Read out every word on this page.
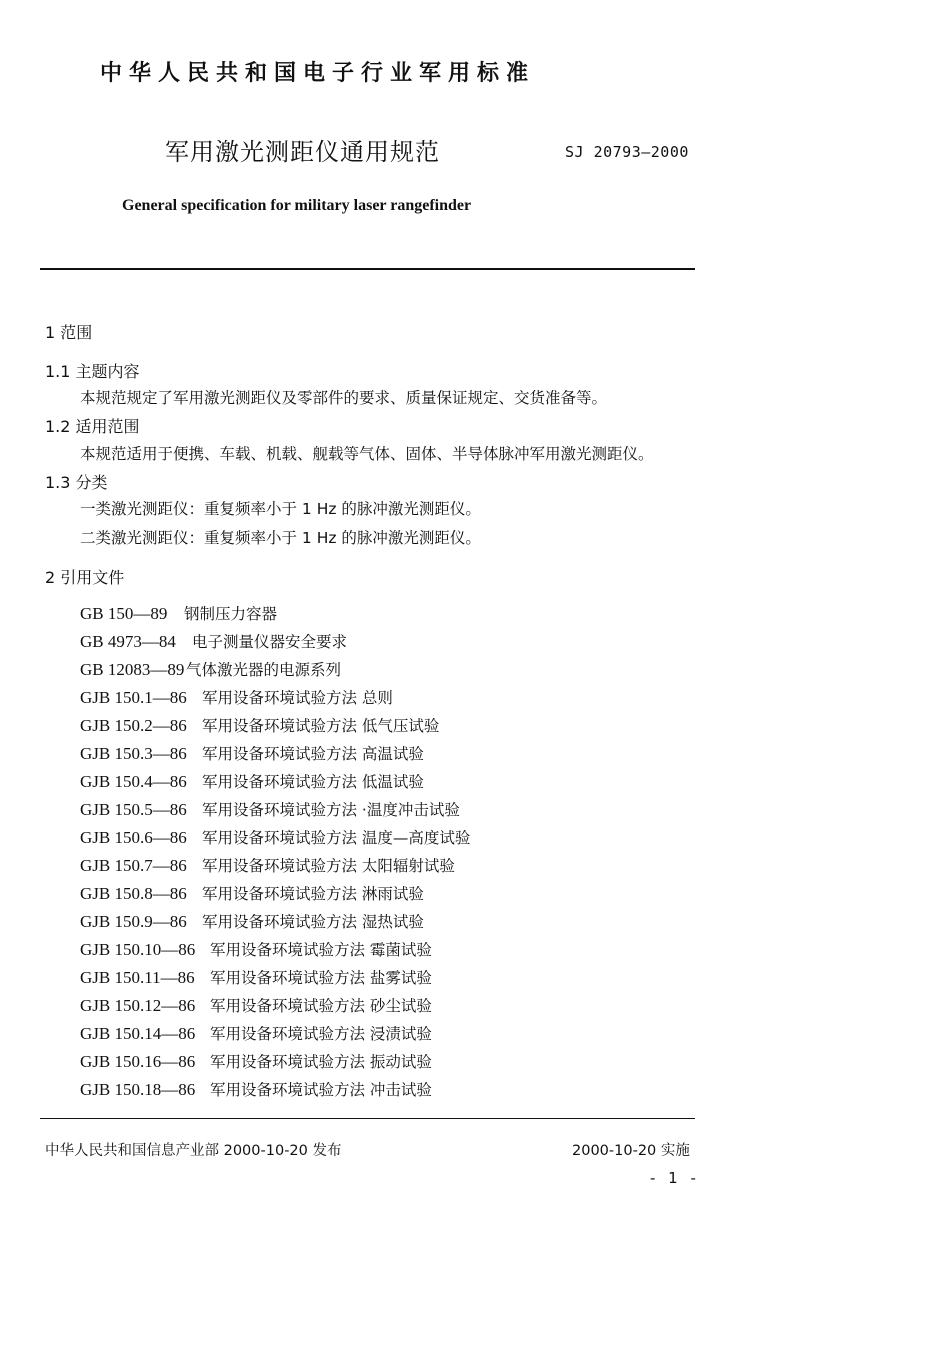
中华人民共和国电子行业军用标准
军用激光测距仪通用规范	SJ 20793—2000
General specification for military laser rangefinder
1 范围
1.1 主题内容
本规范规定了军用激光测距仪及零部件的要求、质量保证规定、交货准备等。
1.2 适用范围
本规范适用于便携、车载、机载、舰载等气体、固体、半导体脉冲军用激光测距仪。
1.3 分类
一类激光测距仪：重复频率小于 1 Hz 的脉冲激光测距仪。
二类激光测距仪：重复频率小于 1 Hz 的脉冲激光测距仪。
2 引用文件
GB 150—89 钢制压力容器
GB 4973—84 电子测量仪器安全要求
GB 12083—89 气体激光器的电源系列
GJB 150.1—86 军用设备环境试验方法 总则
GJB 150.2—86 军用设备环境试验方法 低气压试验
GJB 150.3—86 军用设备环境试验方法 高温试验
GJB 150.4—86 军用设备环境试验方法 低温试验
GJB 150.5—86 军用设备环境试验方法 ·温度冲击试验
GJB 150.6—86 军用设备环境试验方法 温度—高度试验
GJB 150.7—86 军用设备环境试验方法 太阳辐射试验
GJB 150.8—86 军用设备环境试验方法 淋雨试验
GJB 150.9—86 军用设备环境试验方法 湿热试验
GJB 150.10—86 军用设备环境试验方法 霉菌试验
GJB 150.11—86 军用设备环境试验方法 盐雾试验
GJB 150.12—86 军用设备环境试验方法 砂尘试验
GJB 150.14—86 军用设备环境试验方法 浸渍试验
GJB 150.16—86 军用设备环境试验方法 振动试验
GJB 150.18—86 军用设备环境试验方法 冲击试验
中华人民共和国信息产业部 2000-10-20 发布	2000-10-20 实施
- 1 -
